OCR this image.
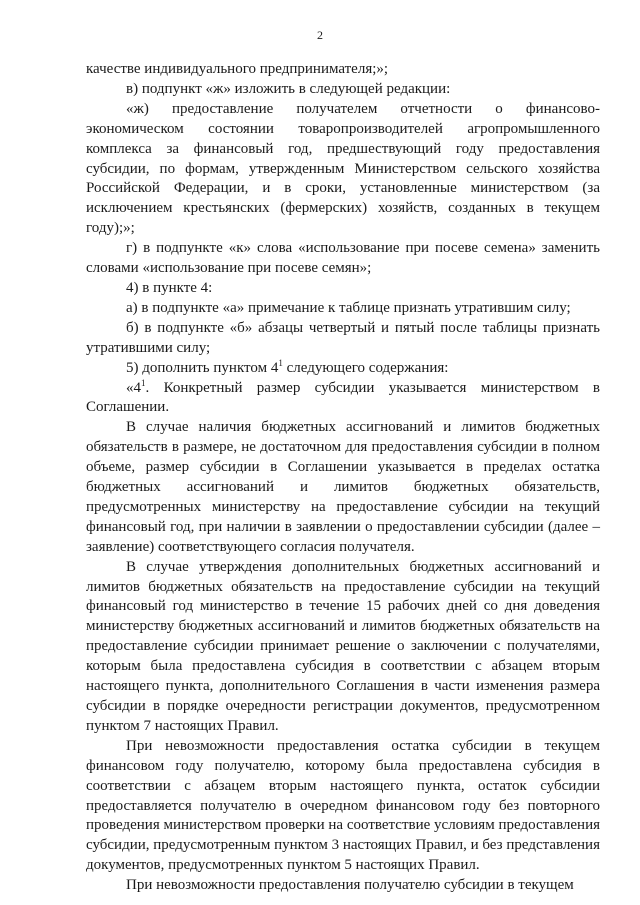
2

качестве индивидуального предпринимателя;»;

в) подпункт «ж» изложить в следующей редакции:

«ж) предоставление получателем отчетности о финансово-экономическом состоянии товаропроизводителей агропромышленного комплекса за финансовый год, предшествующий году предоставления субсидии, по формам, утвержденным Министерством сельского хозяйства Российской Федерации, и в сроки, установленные министерством (за исключением крестьянских (фермерских) хозяйств, созданных в текущем году);»;

г) в подпункте «к» слова «использование при посеве семена» заменить словами «использование при посеве семян»;

4) в пункте 4:

а) в подпункте «а» примечание к таблице признать утратившим силу;

б) в подпункте «б» абзацы четвертый и пятый после таблицы признать утратившими силу;

5) дополнить пунктом $4^1$ следующего содержания:

«$4^1$. Конкретный размер субсидии указывается министерством в Соглашении.

В случае наличия бюджетных ассигнований и лимитов бюджетных обязательств в размере, не достаточном для предоставления субсидии в полном объеме, размер субсидии в Соглашении указывается в пределах остатка бюджетных ассигнований и лимитов бюджетных обязательств, предусмотренных министерству на предоставление субсидии на текущий финансовый год, при наличии в заявлении о предоставлении субсидии (далее – заявление) соответствующего согласия получателя.

В случае утверждения дополнительных бюджетных ассигнований и лимитов бюджетных обязательств на предоставление субсидии на текущий финансовый год министерство в течение 15 рабочих дней со дня доведения министерству бюджетных ассигнований и лимитов бюджетных обязательств на предоставление субсидии принимает решение о заключении с получателями, которым была предоставлена субсидия в соответствии с абзацем вторым настоящего пункта, дополнительного Соглашения в части изменения размера субсидии в порядке очередности регистрации документов, предусмотренном пунктом 7 настоящих Правил.

При невозможности предоставления остатка субсидии в текущем финансовом году получателю, которому была предоставлена субсидия в соответствии с абзацем вторым настоящего пункта, остаток субсидии предоставляется получателю в очередном финансовом году без повторного проведения министерством проверки на соответствие условиям предоставления субсидии, предусмотренным пунктом 3 настоящих Правил, и без представления документов, предусмотренных пунктом 5 настоящих Правил.

При невозможности предоставления получателю субсидии в текущем
